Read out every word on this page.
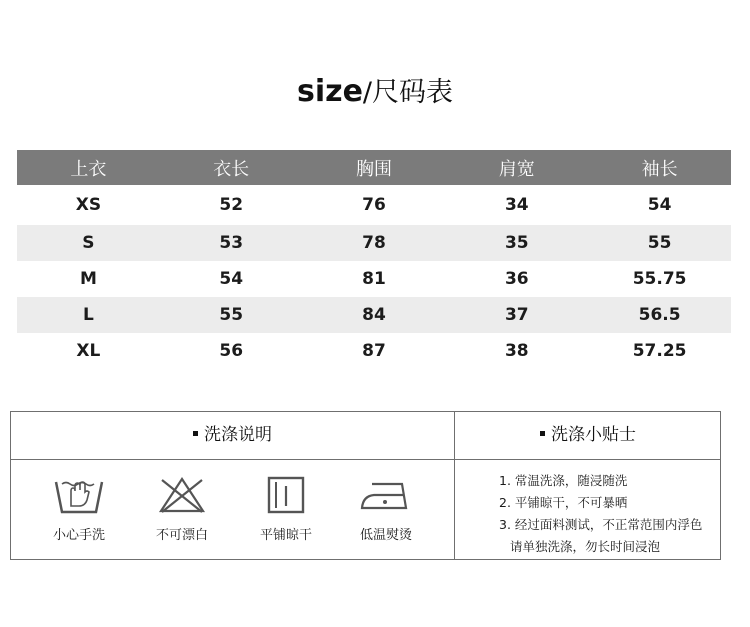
size/尺码表
上衣	衣长	胸围	肩宽	袖长

XS	52	76	34	54

S	53	78	35	55
M	54	81	36	55.75
L	55	84	37	56.5
XL	56	87	38	57.25
洗涤说明	洗涤小贴士
小心手洗	不可漂白	平铺晾干	低温熨烫
1. 常温洗涤，随浸随洗
2. 平铺晾干，不可暴晒
3. 经过面料测试，不正常范围内浮色
请单独洗涤，勿长时间浸泡
